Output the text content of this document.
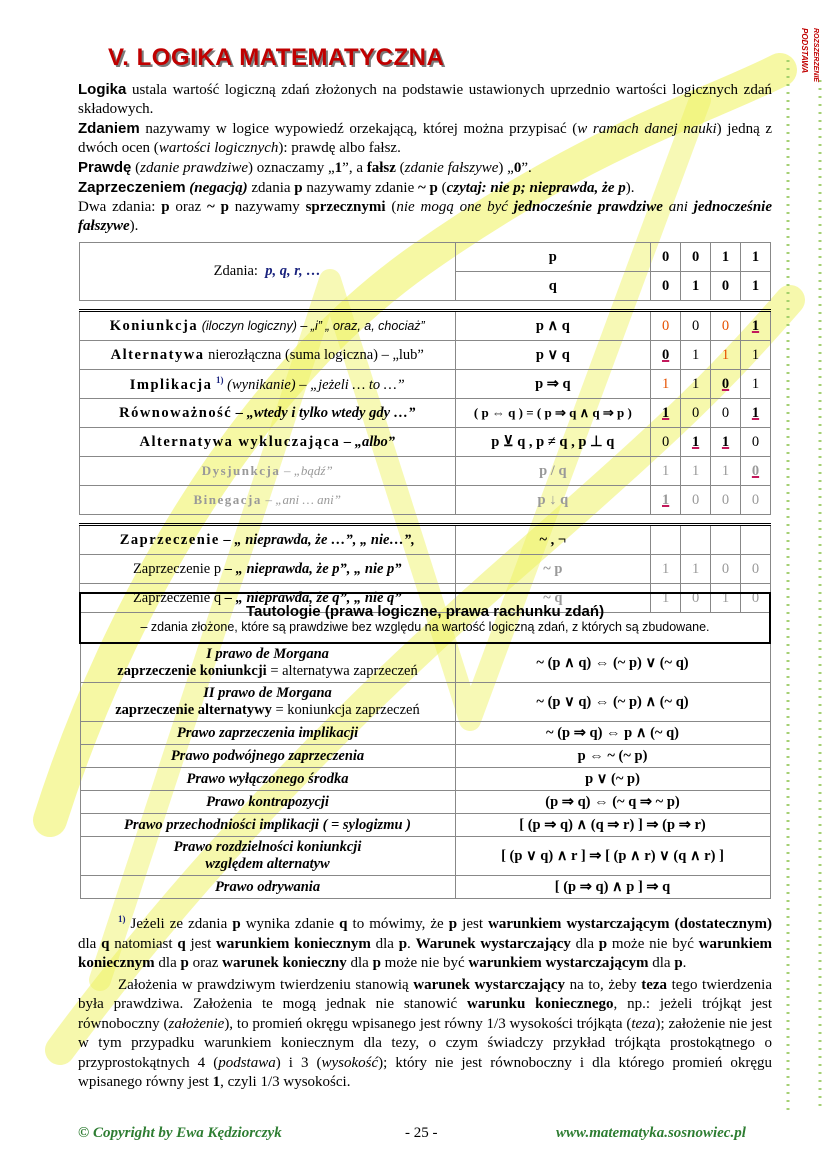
PODSTAWA ROZSZERZENIE
V. LOGIKA MATEMATYCZNA

Logika ustala wartość logiczną zdań złożonych na podstawie ustawionych uprzednio wartości logicznych zdań składowych.

Zdaniem nazywamy w logice wypowiedź orzekającą, której można przypisać (w ramach danej nauki) jedną z dwóch ocen (wartości logicznych): prawdę albo fałsz.

Prawdę (zdanie prawdziwe) oznaczamy „1”, a fałsz (zdanie fałszywe) „0”.

Zaprzeczeniem (negacją) zdania p nazywamy zdanie ~ p (czytaj: nie p; nieprawda, że p).

Dwa zdania: p oraz ~ p nazywamy sprzecznymi (nie mogą one być jednocześnie prawdziwe ani jednocześnie fałszywe).

Zdania: p, q, r, …	p	0	0	1	1
	q	0	1	0	1

Koniunkcja (iloczyn logiczny) – „i” „ oraz, a, chociaż”	p ∧ q	0	0	0	1
Alternatywa nierozłączna (suma logiczna) – „lub”	p ∨ q	0	1	1	1
Implikacja $^{1)}$ (wynikanie) – „jeżeli … to …”	p ⇒ q	1	1	0	1
Równoważność – „wtedy i tylko wtedy gdy …”	( p ⇔ q ) = ( p ⇒ q ∧ q ⇒ p )	1	0	0	1
Alternatywa wykluczająca – „albo”	p ⊻ q , p ≠ q , p ⊥ q	0	1	1	0
Dysjunkcja – „bądź”	p / q	1	1	1	0
Binegacja – „ani … ani”	p ↓ q	1	0	0	0

Zaprzeczenie – „ nieprawda, że …”, „ nie…”,	~ , ¬				
Zaprzeczenie p – „ nieprawda, że p”, „ nie p”	~ p	1	1	0	0
Zaprzeczenie q – „ nieprawda, że q”, „ nie q”	~ q	1	0	1	0
Tautologie (prawa logiczne, prawa rachunku zdań)
– zdania złożone, które są prawdziwe bez względu na wartość logiczną zdań, z których są zbudowane.	

I prawo de Morgana
zaprzeczenie koniunkcji = alternatywa zaprzeczeń	~ (p ∧ q) ⇔ (~ p) ∨ (~ q)

II prawo de Morgana
zaprzeczenie alternatywy = koniunkcja zaprzeczeń	~ (p ∨ q) ⇔ (~ p) ∧ (~ q)
Prawo zaprzeczenia implikacji	~ (p ⇒ q) ⇔ p ∧ (~ q)
Prawo podwójnego zaprzeczenia	p ⇔ ~ (~ p)
Prawo wyłączonego środka	p ∨ (~ p)
Prawo kontrapozycji	(p ⇒ q) ⇔ (~ q ⇒ ~ p)
Prawo przechodniości implikacji ( = sylogizmu )	[ (p ⇒ q) ∧ (q ⇒ r) ] ⇒ (p ⇒ r)

Prawo rozdzielności koniunkcji
względem alternatyw	[ (p ∨ q) ∧ r ] ⇒ [ (p ∧ r) ∨ (q ∧ r) ]
Prawo odrywania	[ (p ⇒ q) ∧ p ] ⇒ q

$^{1)}$ Jeżeli ze zdania p wynika zdanie q to mówimy, że p jest warunkiem wystarczającym (dostatecznym) dla q natomiast q jest warunkiem koniecznym dla p. Warunek wystarczający dla p może nie być warunkiem koniecznym dla p oraz warunek konieczny dla p może nie być warunkiem wystarczającym dla p.

Założenia w prawdziwym twierdzeniu stanowią warunek wystarczający na to, żeby teza tego twierdzenia była prawdziwa. Założenia te mogą jednak nie stanowić warunku koniecznego, np.: jeżeli trójkąt jest równoboczny (założenie), to promień okręgu wpisanego jest równy 1/3 wysokości trójkąta (teza); założenie nie jest w tym przypadku warunkiem koniecznym dla tezy, o czym świadczy przykład trójkąta prostokątnego o przyprostokątnych 4 (podstawa) i 3 (wysokość); który nie jest równoboczny i dla którego promień okręgu wpisanego równy jest 1, czyli 1/3 wysokości.

© Copyright by Ewa Kędziorczyk	- 25 -	www.matematyka.sosnowiec.pl
